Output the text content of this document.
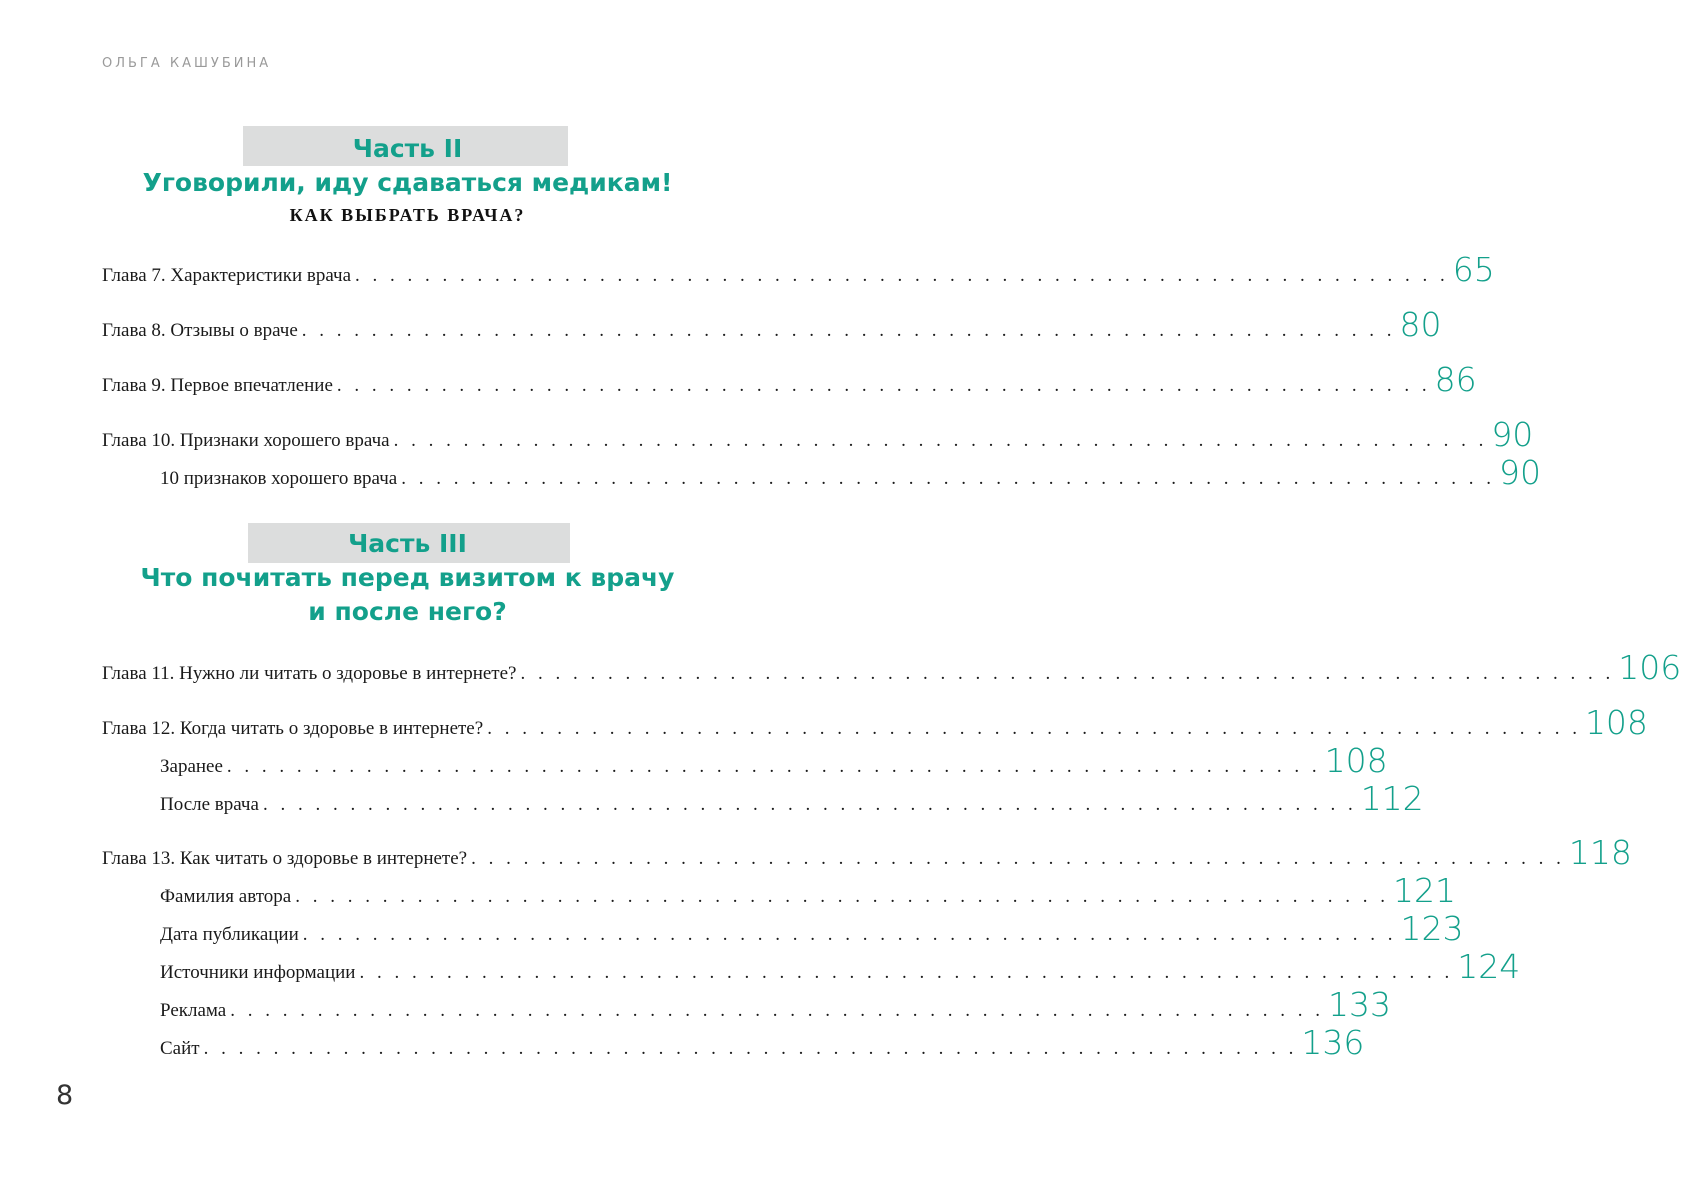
ОЛЬГА КАШУБИНА
Часть II
Уговорили, иду сдаваться медикам!
КАК ВЫБРАТЬ ВРАЧА?
Глава 7. Характеристики врача . . . . . . . . . . . . . . . . . . . . . . . . . . . . . . . . . . . . . . . . . . . . . . . . . . . . . . . . . . . . . . . 65
Глава 8. Отзывы о враче . . . . . . . . . . . . . . . . . . . . . . . . . . . . . . . . . . . . . . . . . . . . . . . . . . . . . . . . . . . . . . . 80
Глава 9. Первое впечатление . . . . . . . . . . . . . . . . . . . . . . . . . . . . . . . . . . . . . . . . . . . . . . . . . . . . . . . . . . . . . . . 86
Глава 10. Признаки хорошего врача . . . . . . . . . . . . . . . . . . . . . . . . . . . . . . . . . . . . . . . . . . . . . . . . . . . . . . . . . . . . . . . 90
10 признаков хорошего врача . . . . . . . . . . . . . . . . . . . . . . . . . . . . . . . . . . . . . . . . . . . . . . . . . . . . . . . . . . . . . . . 90
Часть III
Что почитать перед визитом к врачу
и после него?
Глава 11. Нужно ли читать о здоровье в интернете? . . . . . . . . . . . . . . . . . . . . . . . . . . . . . . . . . . . . . . . . . . . . . . . . . . . . . . . . . . . . . . . 106
Глава 12. Когда читать о здоровье в интернете? . . . . . . . . . . . . . . . . . . . . . . . . . . . . . . . . . . . . . . . . . . . . . . . . . . . . . . . . . . . . . . . 108
Заранее . . . . . . . . . . . . . . . . . . . . . . . . . . . . . . . . . . . . . . . . . . . . . . . . . . . . . . . . . . . . . . . 108
После врача . . . . . . . . . . . . . . . . . . . . . . . . . . . . . . . . . . . . . . . . . . . . . . . . . . . . . . . . . . . . . . . 112
Глава 13. Как читать о здоровье в интернете? . . . . . . . . . . . . . . . . . . . . . . . . . . . . . . . . . . . . . . . . . . . . . . . . . . . . . . . . . . . . . . . 118
Фамилия автора . . . . . . . . . . . . . . . . . . . . . . . . . . . . . . . . . . . . . . . . . . . . . . . . . . . . . . . . . . . . . . . 121
Дата публикации . . . . . . . . . . . . . . . . . . . . . . . . . . . . . . . . . . . . . . . . . . . . . . . . . . . . . . . . . . . . . . . 123
Источники информации . . . . . . . . . . . . . . . . . . . . . . . . . . . . . . . . . . . . . . . . . . . . . . . . . . . . . . . . . . . . . . . 124
Реклама . . . . . . . . . . . . . . . . . . . . . . . . . . . . . . . . . . . . . . . . . . . . . . . . . . . . . . . . . . . . . . . 133
Сайт . . . . . . . . . . . . . . . . . . . . . . . . . . . . . . . . . . . . . . . . . . . . . . . . . . . . . . . . . . . . . . . 136
8
